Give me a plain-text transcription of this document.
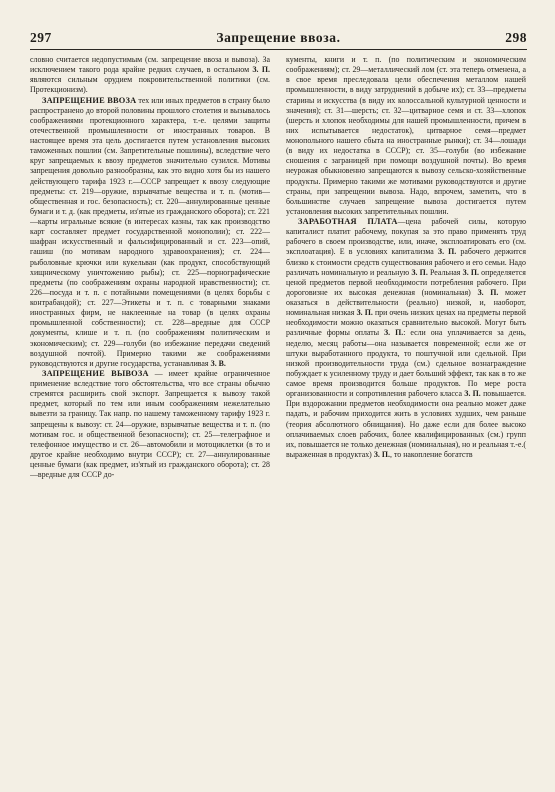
297	Запрещение ввоза.	298

словно считается недопустимым (см. запрещение ввоза и вывоза). За исключением такого рода крайне редких случаев, в остальном З. П. являются сильным орудием покровительственной политики (см. Протекционизм).

ЗАПРЕЩЕНИЕ ВВОЗА тех или иных предметов в страну было распространено до второй половины прошлого столетия и вызывалось соображениями протекционного характера, т.-е. целями защиты отечественной промышленности от иностранных товаров. В настоящее время эта цель достигается путем установления высоких таможенных пошлин (см. Запретительные пошлины), вследствие чего круг запрещаемых к ввозу предметов значительно сузился. Мотивы запрещения довольно разнообразны, как это видно хотя бы из нашего действующего тарифа 1923 г.—СССР запрещает к ввозу следующие предметы: ст. 219—оружие, взрывчатые вещества и т. п. (мотив—общественная и гос. безопасность); ст. 220—аннулированные ценные бумаги и т. д. (как предметы, из'ятые из гражданского оборота); ст. 221—карты игральные всякие (в интересах казны, так как производство карт составляет предмет государственной монополии); ст. 222—шафран искусственный и фальсифицированный и ст. 223—опий, гашиш (по мотивам народного здравоохранения); ст. 224—рыболовные крючки или кукельван (как продукт, способствующий хищническому уничтожению рыбы); ст. 225—порнографические предметы (по соображениям охраны народной нравственности); ст. 226—посуда и т. п. с потайными помещениями (в целях борьбы с контрабандой); ст. 227—Этикеты и т. п. с товарными знаками иностранных фирм, не наклеенные на товар (в целях охраны промышленной собственности); ст. 228—вредные для СССР документы, клише и т. п. (по соображениям политическим и экономическим); ст. 229—голуби (во избежание передачи сведений воздушной почтой). Примерно такими же соображениями руководствуются и другие государства, устанавливая З. В.

ЗАПРЕЩЕНИЕ ВЫВОЗА — имеет крайне ограниченное применение вследствие того обстоятельства, что все страны обычно стремятся расширить свой экспорт. Запрещается к вывозу такой предмет, который по тем или иным соображениям нежелательно вывезти за границу. Так напр. по нашему таможенному тарифу 1923 г. запрещены к вывозу: ст. 24—оружие, взрывчатые вещества и т. п. (по мотивам гос. и общественной безопасности); ст. 25—телеграфное и телефонное имущество и ст. 26—автомобили и мотоциклетки (в то и другое крайне необходимо внутри СССР); ст. 27—аннулированные ценные бумаги (как предмет, из'ятый из гражданского оборота); ст. 28—вредные для СССР до-

кументы, книги и т. п. (по политическим и экономическим соображениям); ст. 29—металлический лом (ст. эта теперь отменена, а в свое время преследовала цели обеспечения металлом нашей промышленности, в виду затруднений в добыче их); ст. 33—предметы старины и искусства (в виду их колоссальной культурной ценности и значения); ст. 31—шерсть; ст. 32—цитварное семя и ст. 33—хлопок (шерсть и хлопок необходимы для нашей промышленности, причем в них испытывается недостаток), цитварное семя—предмет монопольного нашего сбыта на иностранные рынки); ст. 34—лошади (в виду их недостатка в СССР); ст. 35—голуби (во избежание сношения с заграницей при помощи воздушной почты). Во время неурожая обыкновенно запрещаются к вывозу сельско-хозяйственные продукты. Примерно такими же мотивами руководствуются и другие страны, при запрещении вывоза. Надо, впрочем, заметить, что в большинстве случаев запрещение вывоза достигается путем установления высоких запретительных пошлин.

ЗАРАБОТНАЯ ПЛАТА—цена рабочей силы, которую капиталист платит рабочему, покупая за это право применять труд рабочего в своем производстве, или, иначе, эксплоатировать его (см. эксплоатация). Е в условиях капитализма З. П. рабочего держится близко к стоимости средств существования рабочего и его семьи. Надо различать номинальную и реальную З. П. Реальная З. П. определяется ценой предметов первой необходимости потребления рабочего. При дороговизне их высокая денежная (номинальная) З. П. может оказаться в действительности (реально) низкой, и, наоборот, номинальная низкая З. П. при очень низких ценах на предметы первой необходимости можно оказаться сравнительно высокой. Могут быть различные формы оплаты З. П.: если она уплачивается за день, неделю, месяц работы—она называется повременной; если же от штуки выработанного продукта, то поштучной или сдельной. При низкой производительности труда (см.) сдельное вознаграждение побуждает к усиленному труду и дает больший эффект, так как в то же самое время производится больше продуктов. По мере роста организованности и сопротивления рабочего класса З. П. повышается. При вздорожании предметов необходимости она реально может даже падать, и рабочим приходится жить в условиях худших, чем раньше (теория абсолютного обнищания). Но даже если для более высоко оплачиваемых слоев рабочих, более квалифицированных (см.) групп их, повышается не только денежная (номинальная), но и реальная т.-е.( выраженная в продуктах) З. П., то накопление богатств
